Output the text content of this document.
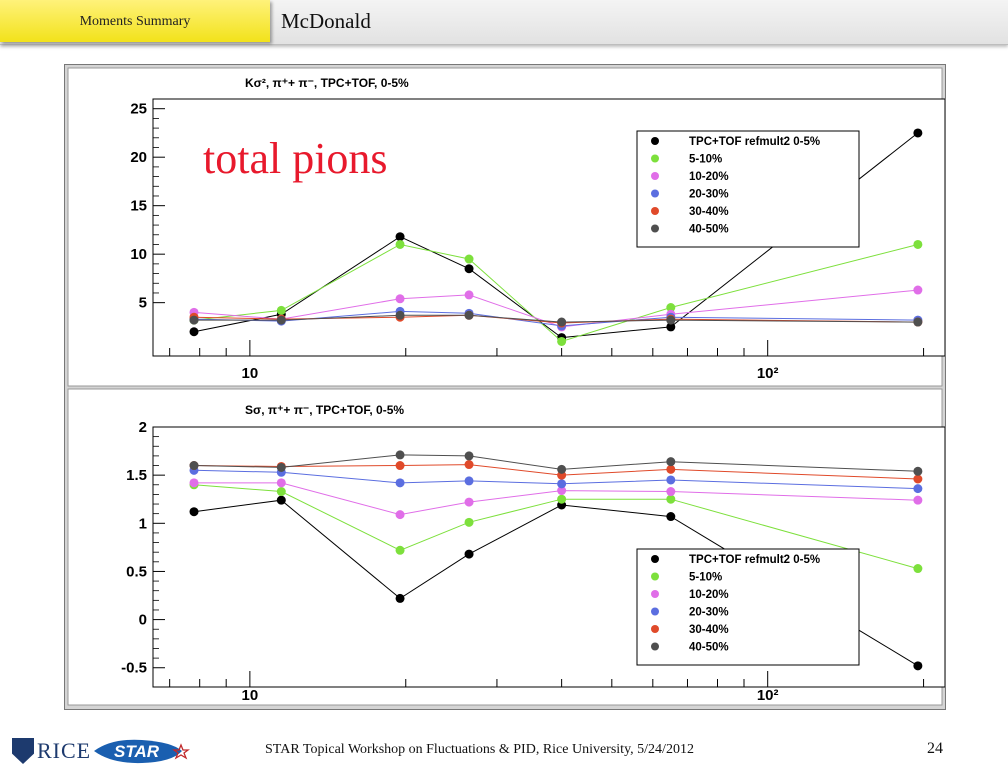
Moments Summary	McDonald
Kσ², π⁺+ π⁻, TPC+TOF, 0-5%
5
10
15
20
25
10	10²
TPC+TOF refmult2 0-5%
5-10%
10-20%
20-30%
30-40%
40-50%
Sσ, π⁺+ π⁻, TPC+TOF, 0-5%
-0.5
0
0.5
1
1.5
2
10	10²
TPC+TOF refmult2 0-5%
5-10%
10-20%
20-30%
30-40%
40-50%
total pions
RICE STAR	STAR Topical Workshop on Fluctuations & PID, Rice University, 5/24/2012	24
